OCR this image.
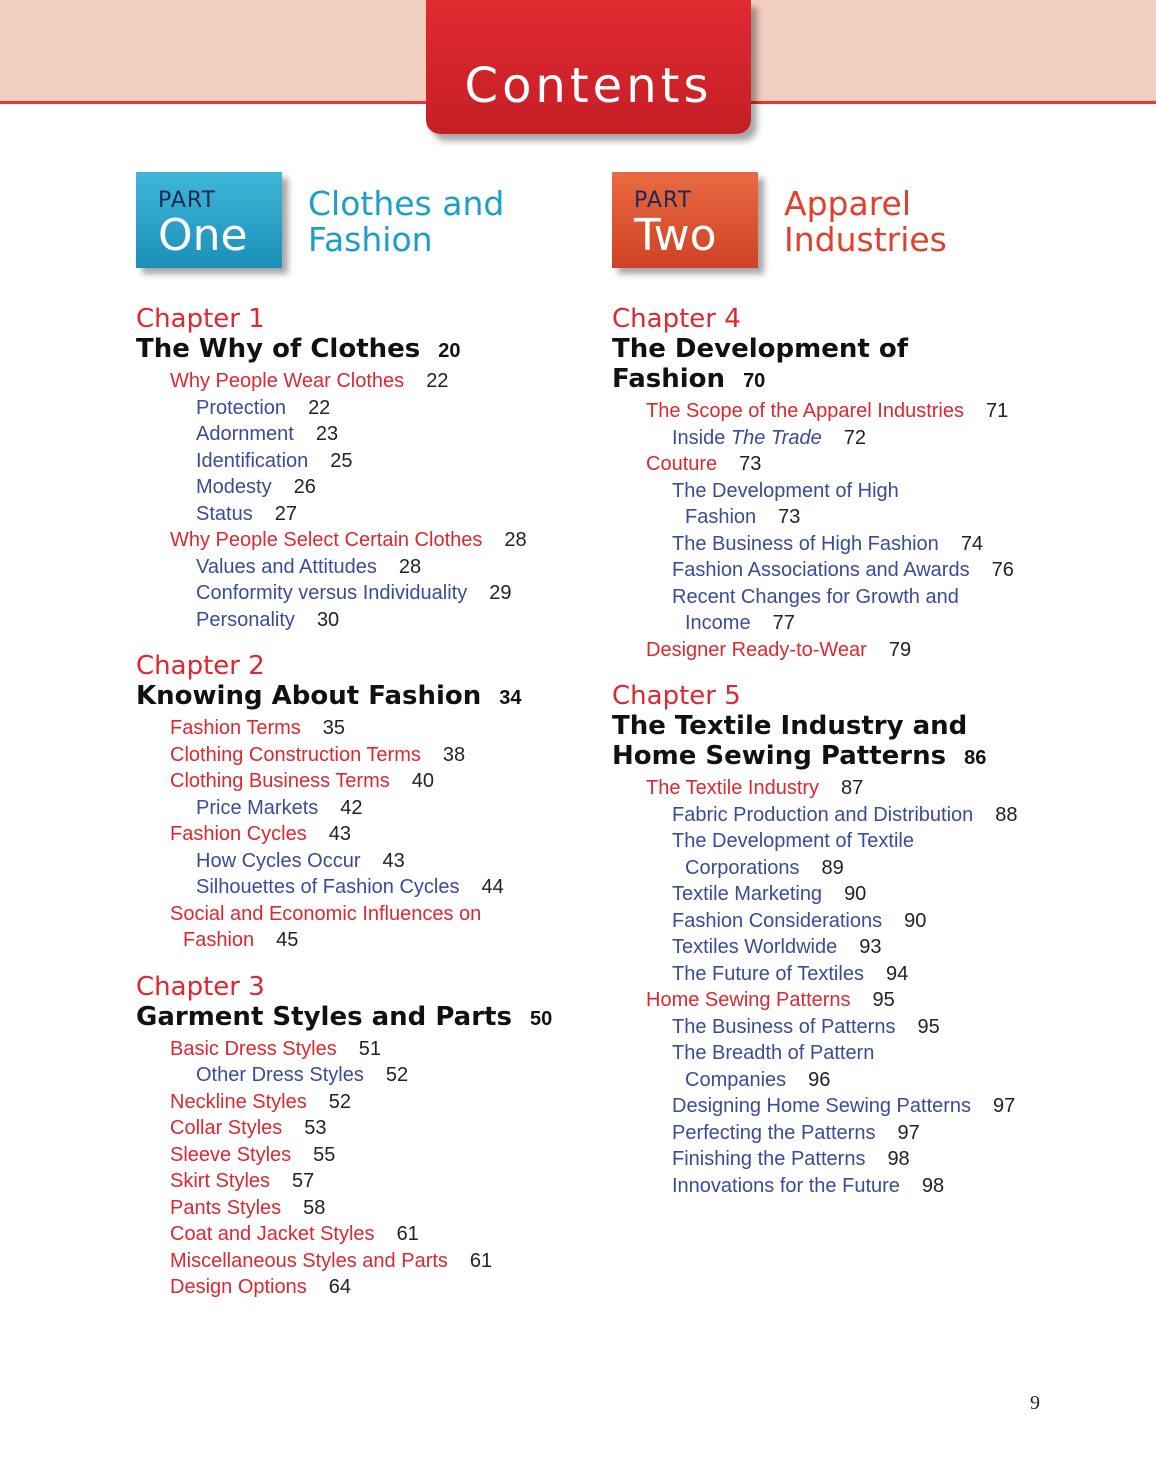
Contents
PART
One
Clothes and
Fashion
Chapter 1
The Why of Clothes 20
Why People Wear Clothes 22
Protection 22
Adornment 23
Identification 25
Modesty 26
Status 27
Why People Select Certain Clothes 28
Values and Attitudes 28
Conformity versus Individuality 29
Personality 30
Chapter 2
Knowing About Fashion 34
Fashion Terms 35
Clothing Construction Terms 38
Clothing Business Terms 40
Price Markets 42
Fashion Cycles 43
How Cycles Occur 43
Silhouettes of Fashion Cycles 44
Social and Economic Influences on
Fashion 45
Chapter 3
Garment Styles and Parts 50
Basic Dress Styles 51
Other Dress Styles 52
Neckline Styles 52
Collar Styles 53
Sleeve Styles 55
Skirt Styles 57
Pants Styles 58
Coat and Jacket Styles 61
Miscellaneous Styles and Parts 61
Design Options 64
PART
Two
Apparel
Industries
Chapter 4
The Development of
Fashion 70
The Scope of the Apparel Industries 71
Inside The Trade 72
Couture 73
The Development of High
Fashion 73
The Business of High Fashion 74
Fashion Associations and Awards 76
Recent Changes for Growth and
Income 77
Designer Ready-to-Wear 79
Chapter 5
The Textile Industry and
Home Sewing Patterns 86
The Textile Industry 87
Fabric Production and Distribution 88
The Development of Textile
Corporations 89
Textile Marketing 90
Fashion Considerations 90
Textiles Worldwide 93
The Future of Textiles 94
Home Sewing Patterns 95
The Business of Patterns 95
The Breadth of Pattern
Companies 96
Designing Home Sewing Patterns 97
Perfecting the Patterns 97
Finishing the Patterns 98
Innovations for the Future 98
9
